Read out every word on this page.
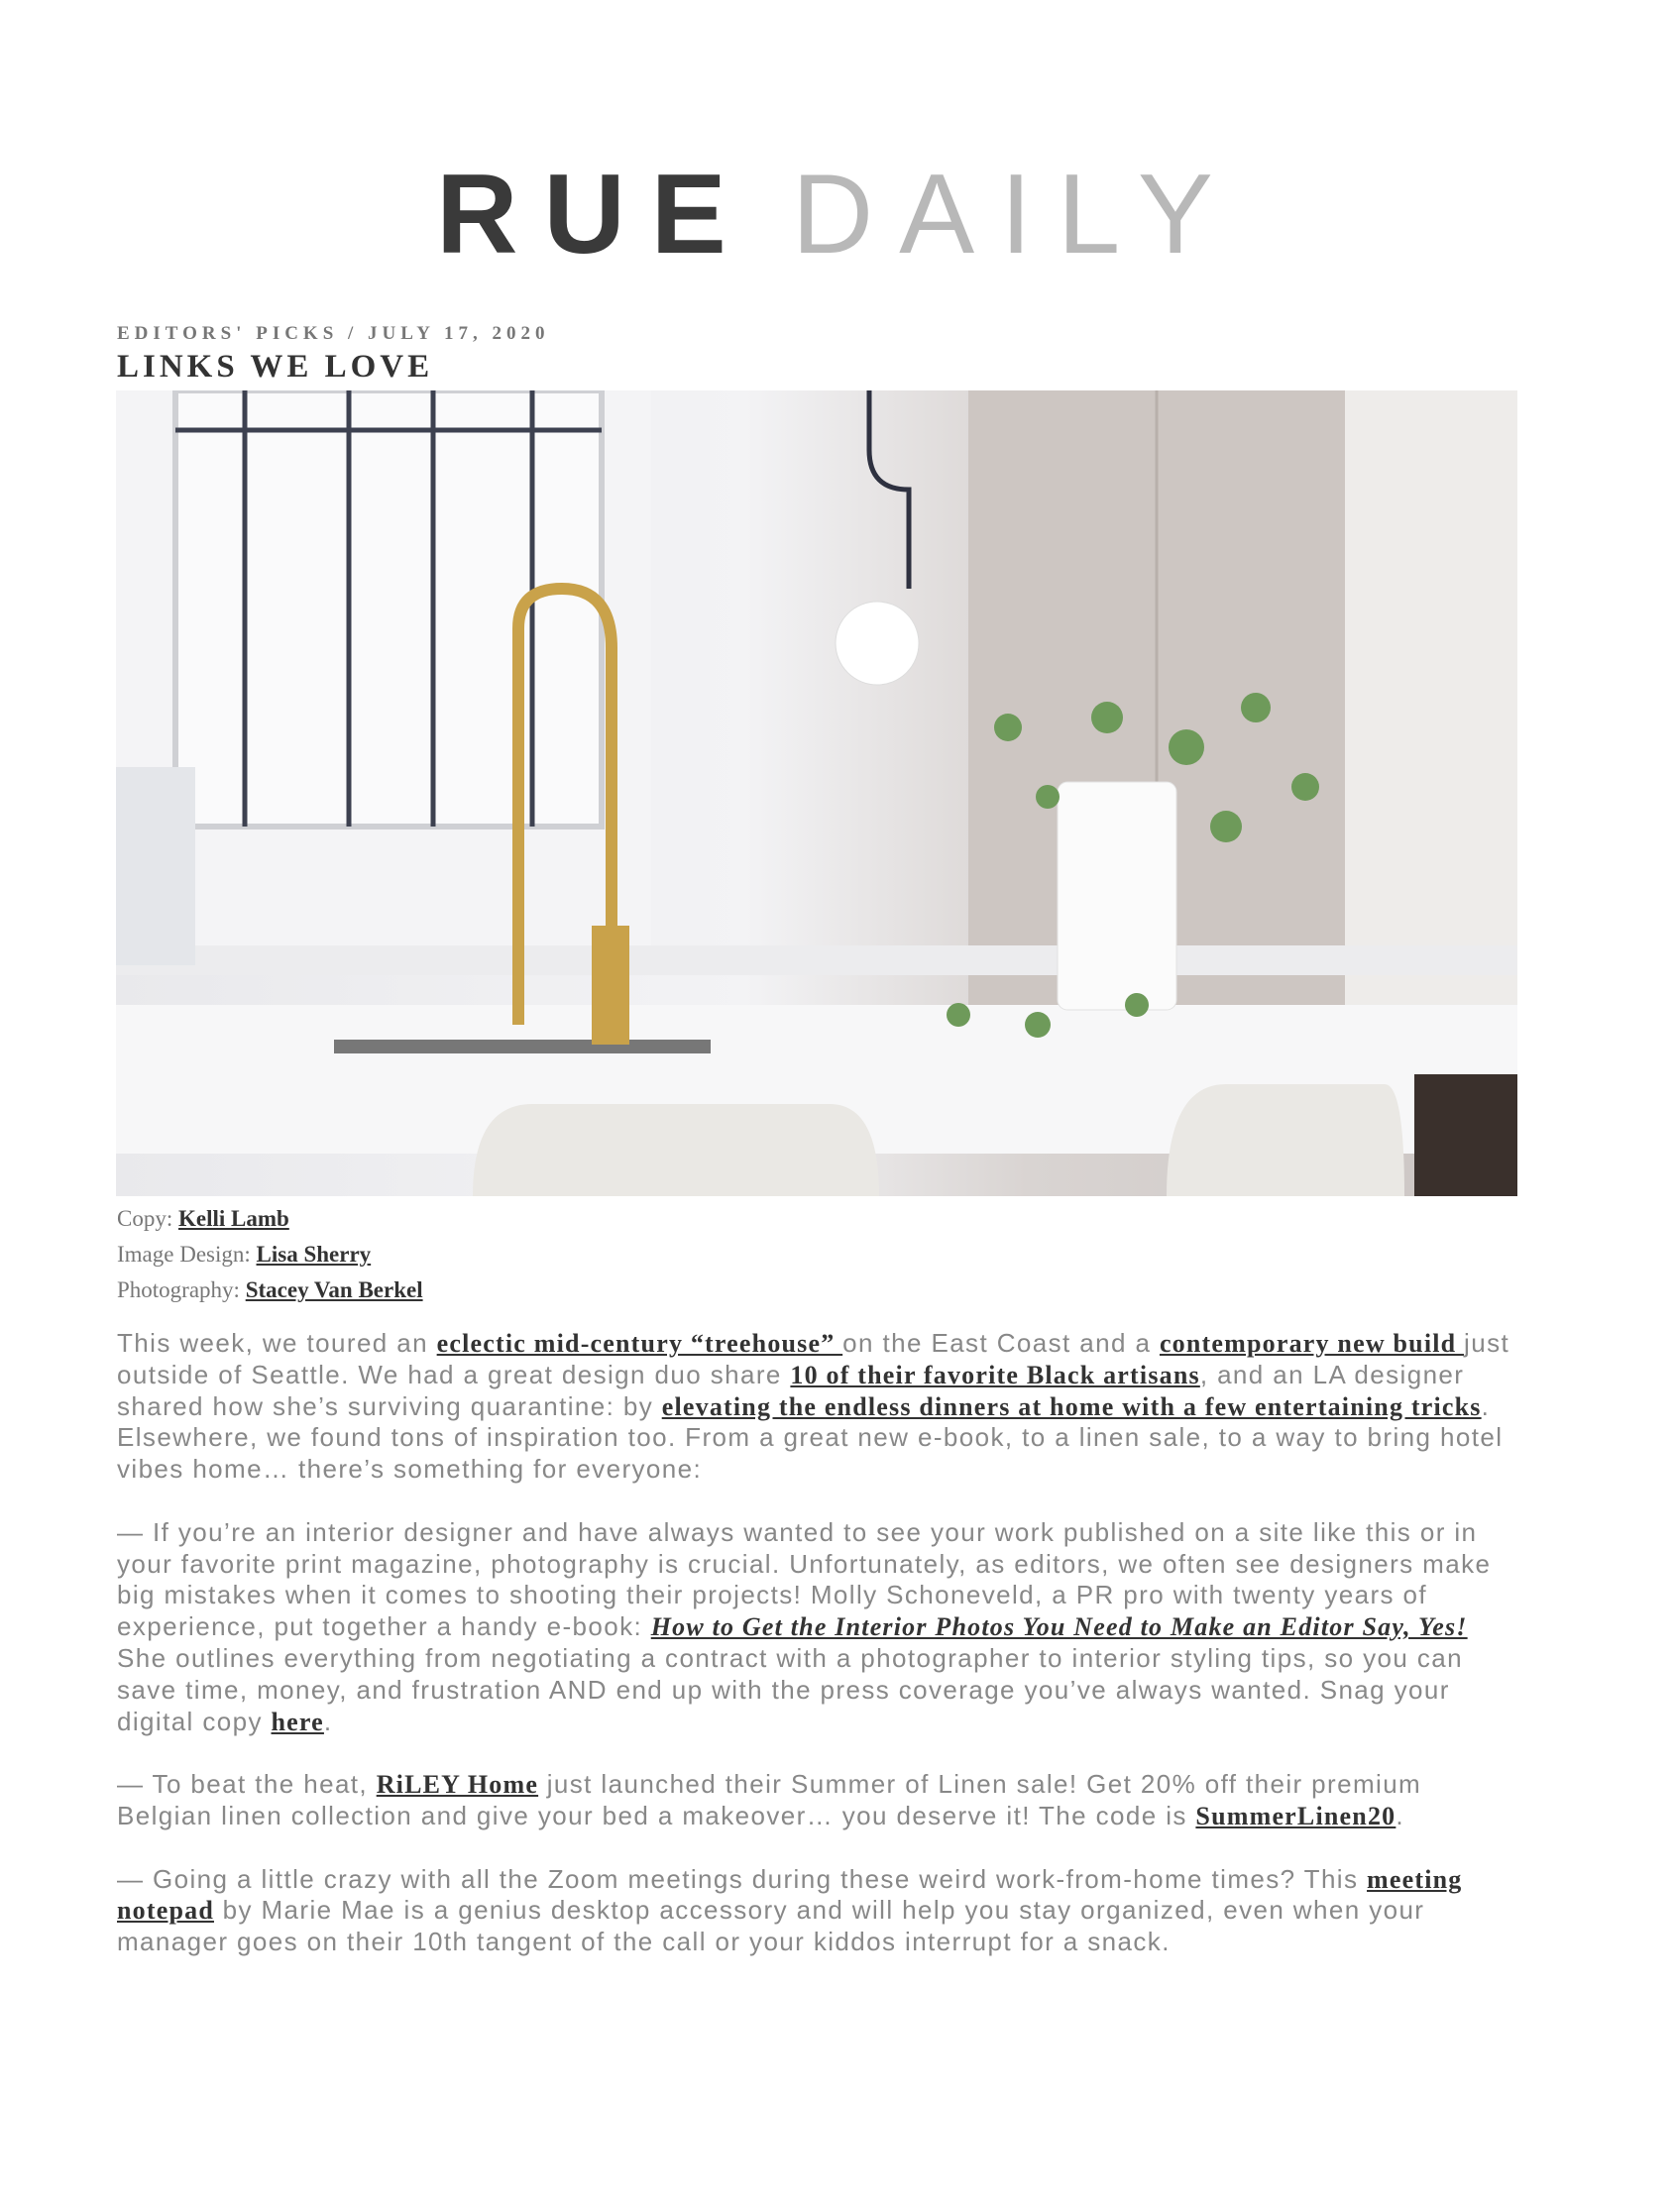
RUE DAILY
EDITORS' PICKS / JULY 17, 2020
LINKS WE LOVE
Copy: Kelli Lamb
Image Design: Lisa Sherry
Photography: Stacey Van Berkel

This week, we toured an eclectic mid-century “treehouse” on the East Coast and a contemporary new build just outside of Seattle. We had a great design duo share 10 of their favorite Black artisans, and an LA designer shared how she’s surviving quarantine: by elevating the endless dinners at home with a few entertaining tricks. Elsewhere, we found tons of inspiration too. From a great new e-book, to a linen sale, to a way to bring hotel vibes home… there’s something for everyone:

— If you’re an interior designer and have always wanted to see your work published on a site like this or in your favorite print magazine, photography is crucial. Unfortunately, as editors, we often see designers make big mistakes when it comes to shooting their projects! Molly Schoneveld, a PR pro with twenty years of experience, put together a handy e-book: How to Get the Interior Photos You Need to Make an Editor Say, Yes! She outlines everything from negotiating a contract with a photographer to interior styling tips, so you can save time, money, and frustration AND end up with the press coverage you’ve always wanted. Snag your digital copy here.

— To beat the heat, RiLEY Home just launched their Summer of Linen sale! Get 20% off their premium Belgian linen collection and give your bed a makeover… you deserve it! The code is SummerLinen20.

— Going a little crazy with all the Zoom meetings during these weird work-from-home times? This meeting notepad by Marie Mae is a genius desktop accessory and will help you stay organized, even when your manager goes on their 10th tangent of the call or your kiddos interrupt for a snack.
